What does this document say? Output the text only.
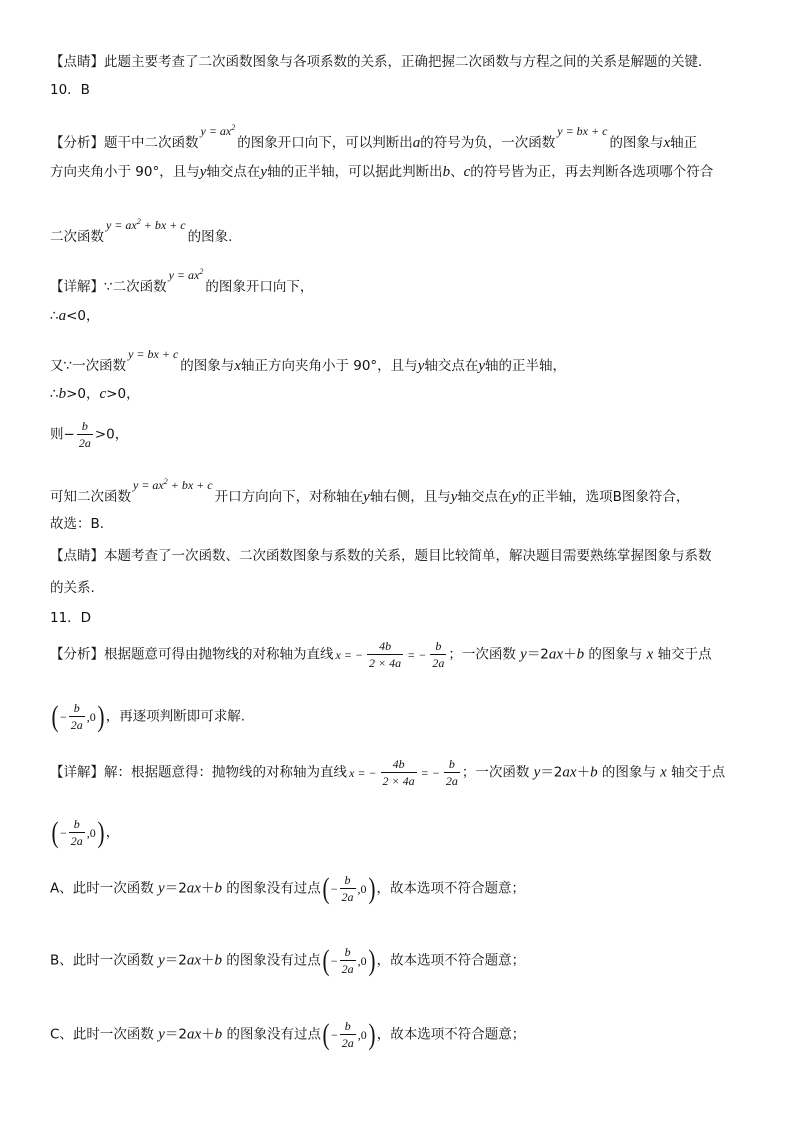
【点睛】此题主要考查了二次函数图象与各项系数的关系，正确把握二次函数与方程之间的关系是解题的关键．
10．B
【分析】题干中二次函数$y = ax^2$的图象开口向下，可以判断出a的符号为负，一次函数y = bx + c的图象与x轴正
方向夹角小于 90°，且与y轴交点在y轴的正半轴，可以据此判断出b、c的符号皆为正，再去判断各选项哪个符合
二次函数$y = ax^2$ + bx + c的图象.
【详解】∵二次函数$y = ax^2$的图象开口向下，
∴a<0，
又∵一次函数y = bx + c的图象与x轴正方向夹角小于 90°，且与y轴交点在y轴的正半轴，
∴b>0，c>0，
则− $\frac{b}{2a} >0$，
可知二次函数$y = ax^2$ + bx + c开口方向向下，对称轴在y轴右侧，且与y轴交点在y的正半轴，选项B图象符合，
故选：B.
【点睛】本题考查了一次函数、二次函数图象与系数的关系，题目比较简单，解决题目需要熟练掌握图象与系数
的关系.
11．D
【分析】根据题意可得由抛物线的对称轴为直线 x = − $\frac{4b}{2 \times 4a}$ = − $\frac{b}{2a}$ ；一次函数 y＝2ax＋b 的图象与 x 轴交于点
( − $\frac{b}{2a} ,0$ ) ，再逐项判断即可求解.
【详解】解：根据题意得：抛物线的对称轴为直线 x = − $\frac{4b}{2 \times 4a}$ = − $\frac{b}{2a}$ ；一次函数 y＝2ax＋b 的图象与 x 轴交于点
( − $\frac{b}{2a} ,0$ ) ，
A、此时一次函数 y＝2ax＋b 的图象没有过点 ( − $\frac{b}{2a} ,0$ ) ，故本选项不符合题意；
B、此时一次函数 y＝2ax＋b 的图象没有过点 ( − $\frac{b}{2a} ,0$ ) ，故本选项不符合题意；
C、此时一次函数 y＝2ax＋b 的图象没有过点 ( − $\frac{b}{2a} ,0$ ) ，故本选项不符合题意；
